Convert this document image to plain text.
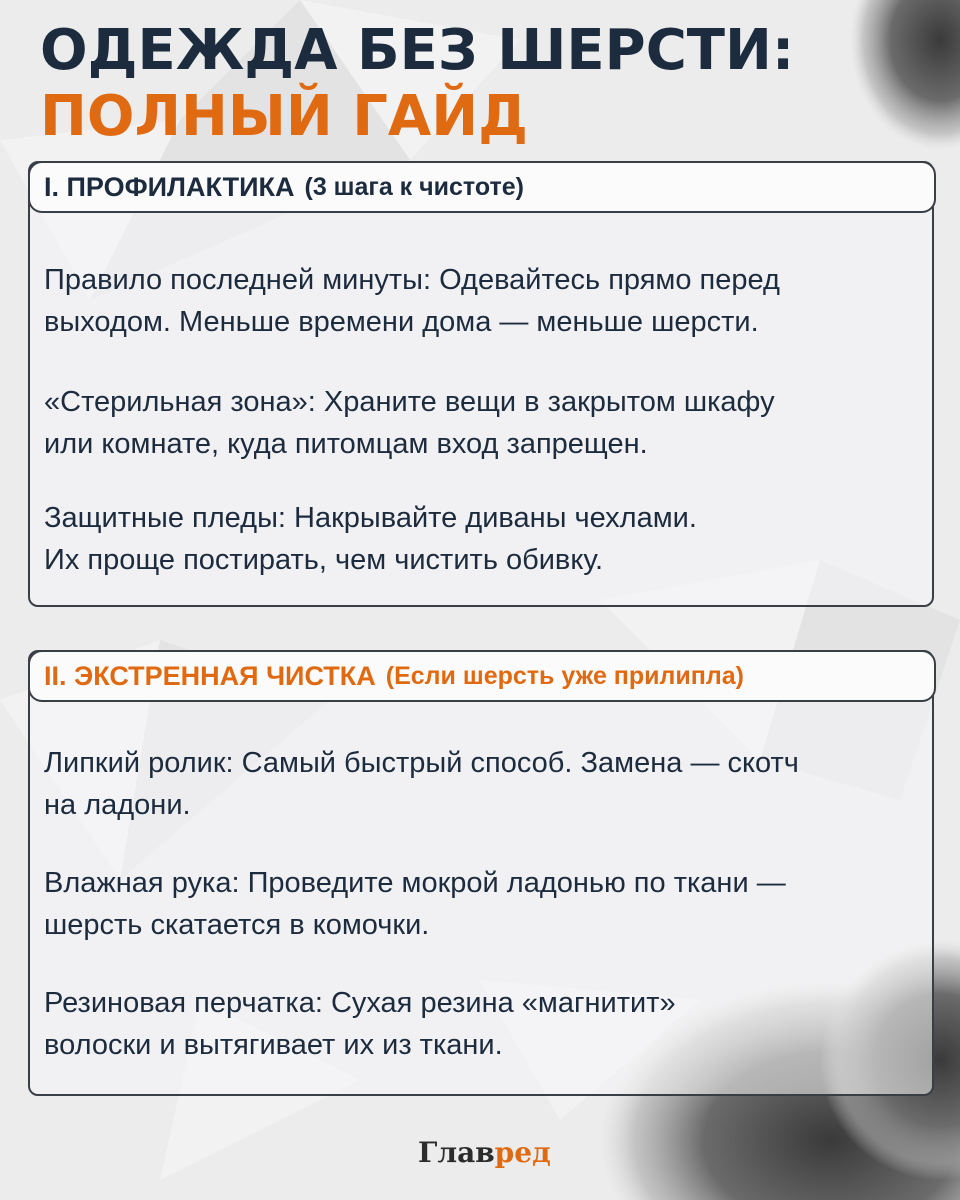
ОДЕЖДА БЕЗ ШЕРСТИ:
ПОЛНЫЙ ГАЙД
I. ПРОФИЛАКТИКА (3 шага к чистоте)
Правило последней минуты: Одевайтесь прямо перед
выходом. Меньше времени дома — меньше шерсти.
«Стерильная зона»: Храните вещи в закрытом шкафу
или комнате, куда питомцам вход запрещен.
Защитные пледы: Накрывайте диваны чехлами.
Их проще постирать, чем чистить обивку.
II. ЭКСТРЕННАЯ ЧИСТКА (Если шерсть уже прилипла)
Липкий ролик: Самый быстрый способ. Замена — скотч
на ладони.
Влажная рука: Проведите мокрой ладонью по ткани —
шерсть скатается в комочки.
Резиновая перчатка: Сухая резина «магнитит»
волоски и вытягивает их из ткани.
Главред
